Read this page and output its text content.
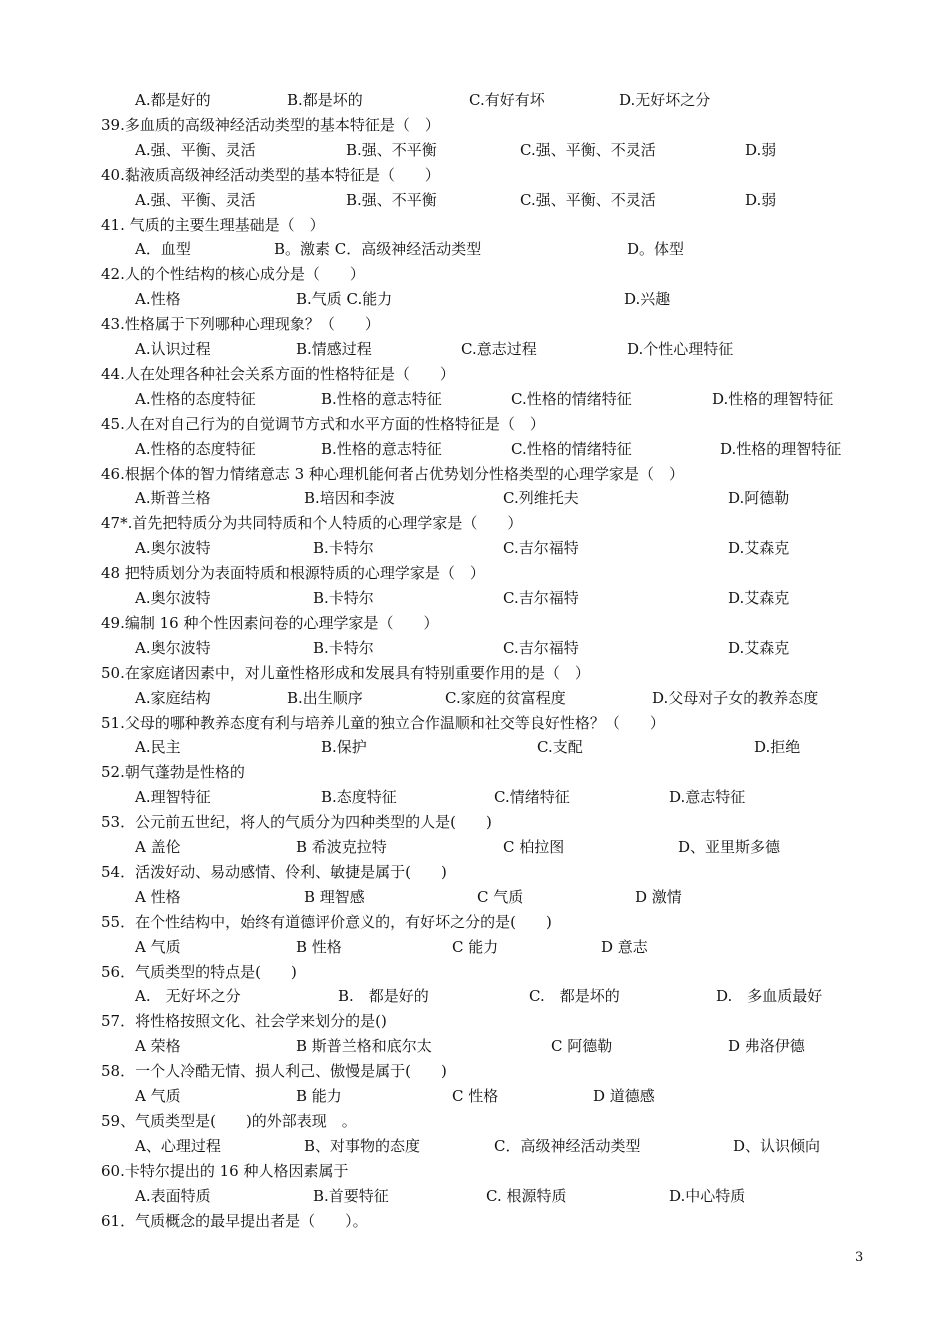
A.都是好的	B.都是坏的	C.有好有坏	D.无好坏之分
39.多血质的高级神经活动类型的基本特征是（　）
A.强、平衡、灵活	B.强、不平衡	C.强、平衡、不灵活	D.弱
40.黏液质高级神经活动类型的基本特征是（　　）
A.强、平衡、灵活	B.强、不平衡	C.强、平衡、不灵活	D.弱
41. 气质的主要生理基础是（　）
A．血型	B。激素 C．高级神经活动类型	D。体型
42.人的个性结构的核心成分是（　　）
A.性格	B.气质 C.能力	D.兴趣
43.性格属于下列哪种心理现象？（　　）
A.认识过程	B.情感过程	C.意志过程	D.个性心理特征
44.人在处理各种社会关系方面的性格特征是（　　）
A.性格的态度特征	B.性格的意志特征	C.性格的情绪特征	D.性格的理智特征
45.人在对自己行为的自觉调节方式和水平方面的性格特征是（　）
A.性格的态度特征	B.性格的意志特征	C.性格的情绪特征	D.性格的理智特征
46.根据个体的智力情绪意志 3 种心理机能何者占优势划分性格类型的心理学家是（　）
A.斯普兰格	B.培因和李波	C.列维托夫	D.阿德勒
47*.首先把特质分为共同特质和个人特质的心理学家是（　　）
A.奥尔波特	B.卡特尔	C.吉尔福特	D.艾森克
48 把特质划分为表面特质和根源特质的心理学家是（　）
A.奥尔波特	B.卡特尔	C.吉尔福特	D.艾森克
49.编制 16 种个性因素问卷的心理学家是（　　）
A.奥尔波特	B.卡特尔	C.吉尔福特	D.艾森克
50.在家庭诸因素中，对儿童性格形成和发展具有特别重要作用的是（　）
A.家庭结构	B.出生顺序	C.家庭的贫富程度	D.父母对子女的教养态度
51.父母的哪种教养态度有利与培养儿童的独立合作温顺和社交等良好性格？（　　）
A.民主	B.保护	C.支配	D.拒绝
52.朝气蓬勃是性格的
A.理智特征	B.态度特征	C.情绪特征	D.意志特征
53．公元前五世纪，将人的气质分为四种类型的人是(　　)
A 盖伦	B 希波克拉特	C 柏拉图	D、亚里斯多德
54．活泼好动、易动感情、伶利、敏捷是属于(　　)
A 性格	B 理智感	C 气质	D 激情
55．在个性结构中，始终有道德评价意义的，有好坏之分的是(　　)
A 气质	B 性格	C 能力	D 意志
56．气质类型的特点是(　　)
A.　无好坏之分	B.　都是好的	C.　都是坏的	D.　多血质最好
57．将性格按照文化、社会学来划分的是()
A 荣格	B 斯普兰格和底尔太	C 阿德勒	D 弗洛伊德
58．一个人冷酷无情、损人利己、傲慢是属于(　　)
A 气质	B 能力	C 性格	D 道德感
59、气质类型是(　　)的外部表现　。
A、心理过程	B、对事物的态度	C．高级神经活动类型	D、认识倾向
60.卡特尔提出的 16 种人格因素属于
A.表面特质	B.首要特征	C. 根源特质	D.中心特质
61．气质概念的最早提出者是（　　）。
3
